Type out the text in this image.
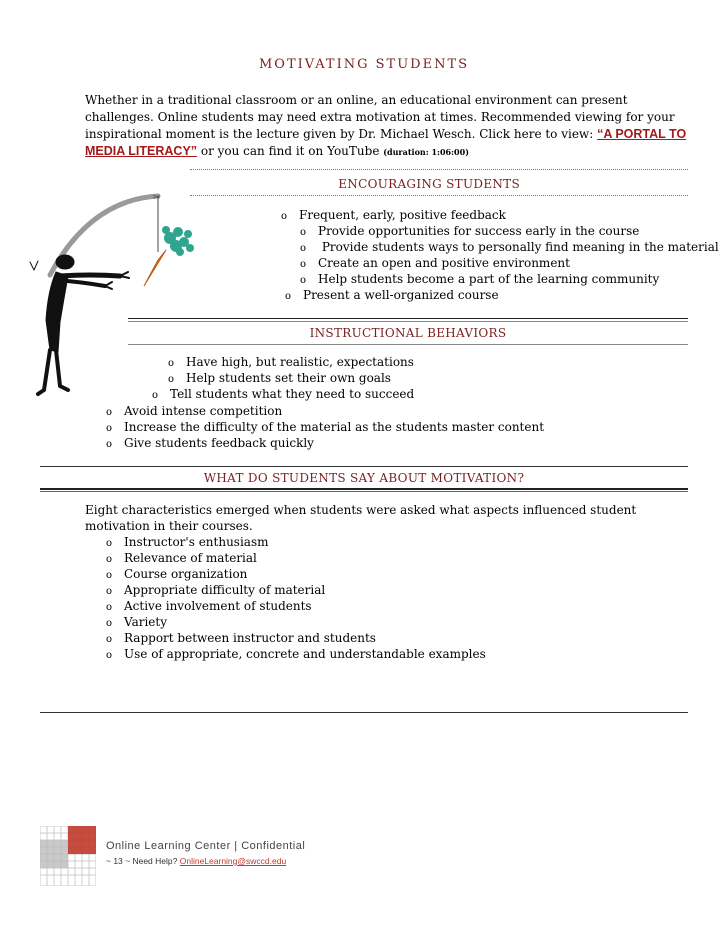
MOTIVATING STUDENTS
Whether in a traditional classroom or an online, an educational environment can present challenges. Online students may need extra motivation at times. Recommended viewing for your inspirational moment is the lecture given by Dr. Michael Wesch. Click here to view: “A PORTAL TO MEDIA LITERACY” or you can find it on YouTube (duration: 1:06:00)
✂
ENCOURAGING STUDENTS
o Frequent, early, positive feedback
o Provide opportunities for success early in the course
o Provide students ways to personally find meaning in the material
o Create an open and positive environment
o Help students become a part of the learning community
o Present a well-organized course
INSTRUCTIONAL BEHAVIORS
o Have high, but realistic, expectations
o Help students set their own goals
o Tell students what they need to succeed
o Avoid intense competition
o Increase the difficulty of the material as the students master content
o Give students feedback quickly
WHAT DO STUDENTS SAY ABOUT MOTIVATION?
Eight characteristics emerged when students were asked what aspects influenced student motivation in their courses.
o Instructor's enthusiasm
o Relevance of material
o Course organization
o Appropriate difficulty of material
o Active involvement of students
o Variety
o Rapport between instructor and students
o Use of appropriate, concrete and understandable examples
Online Learning Center | Confidential
~ 13 ~ Need Help? OnlineLearning@swccd.edu
